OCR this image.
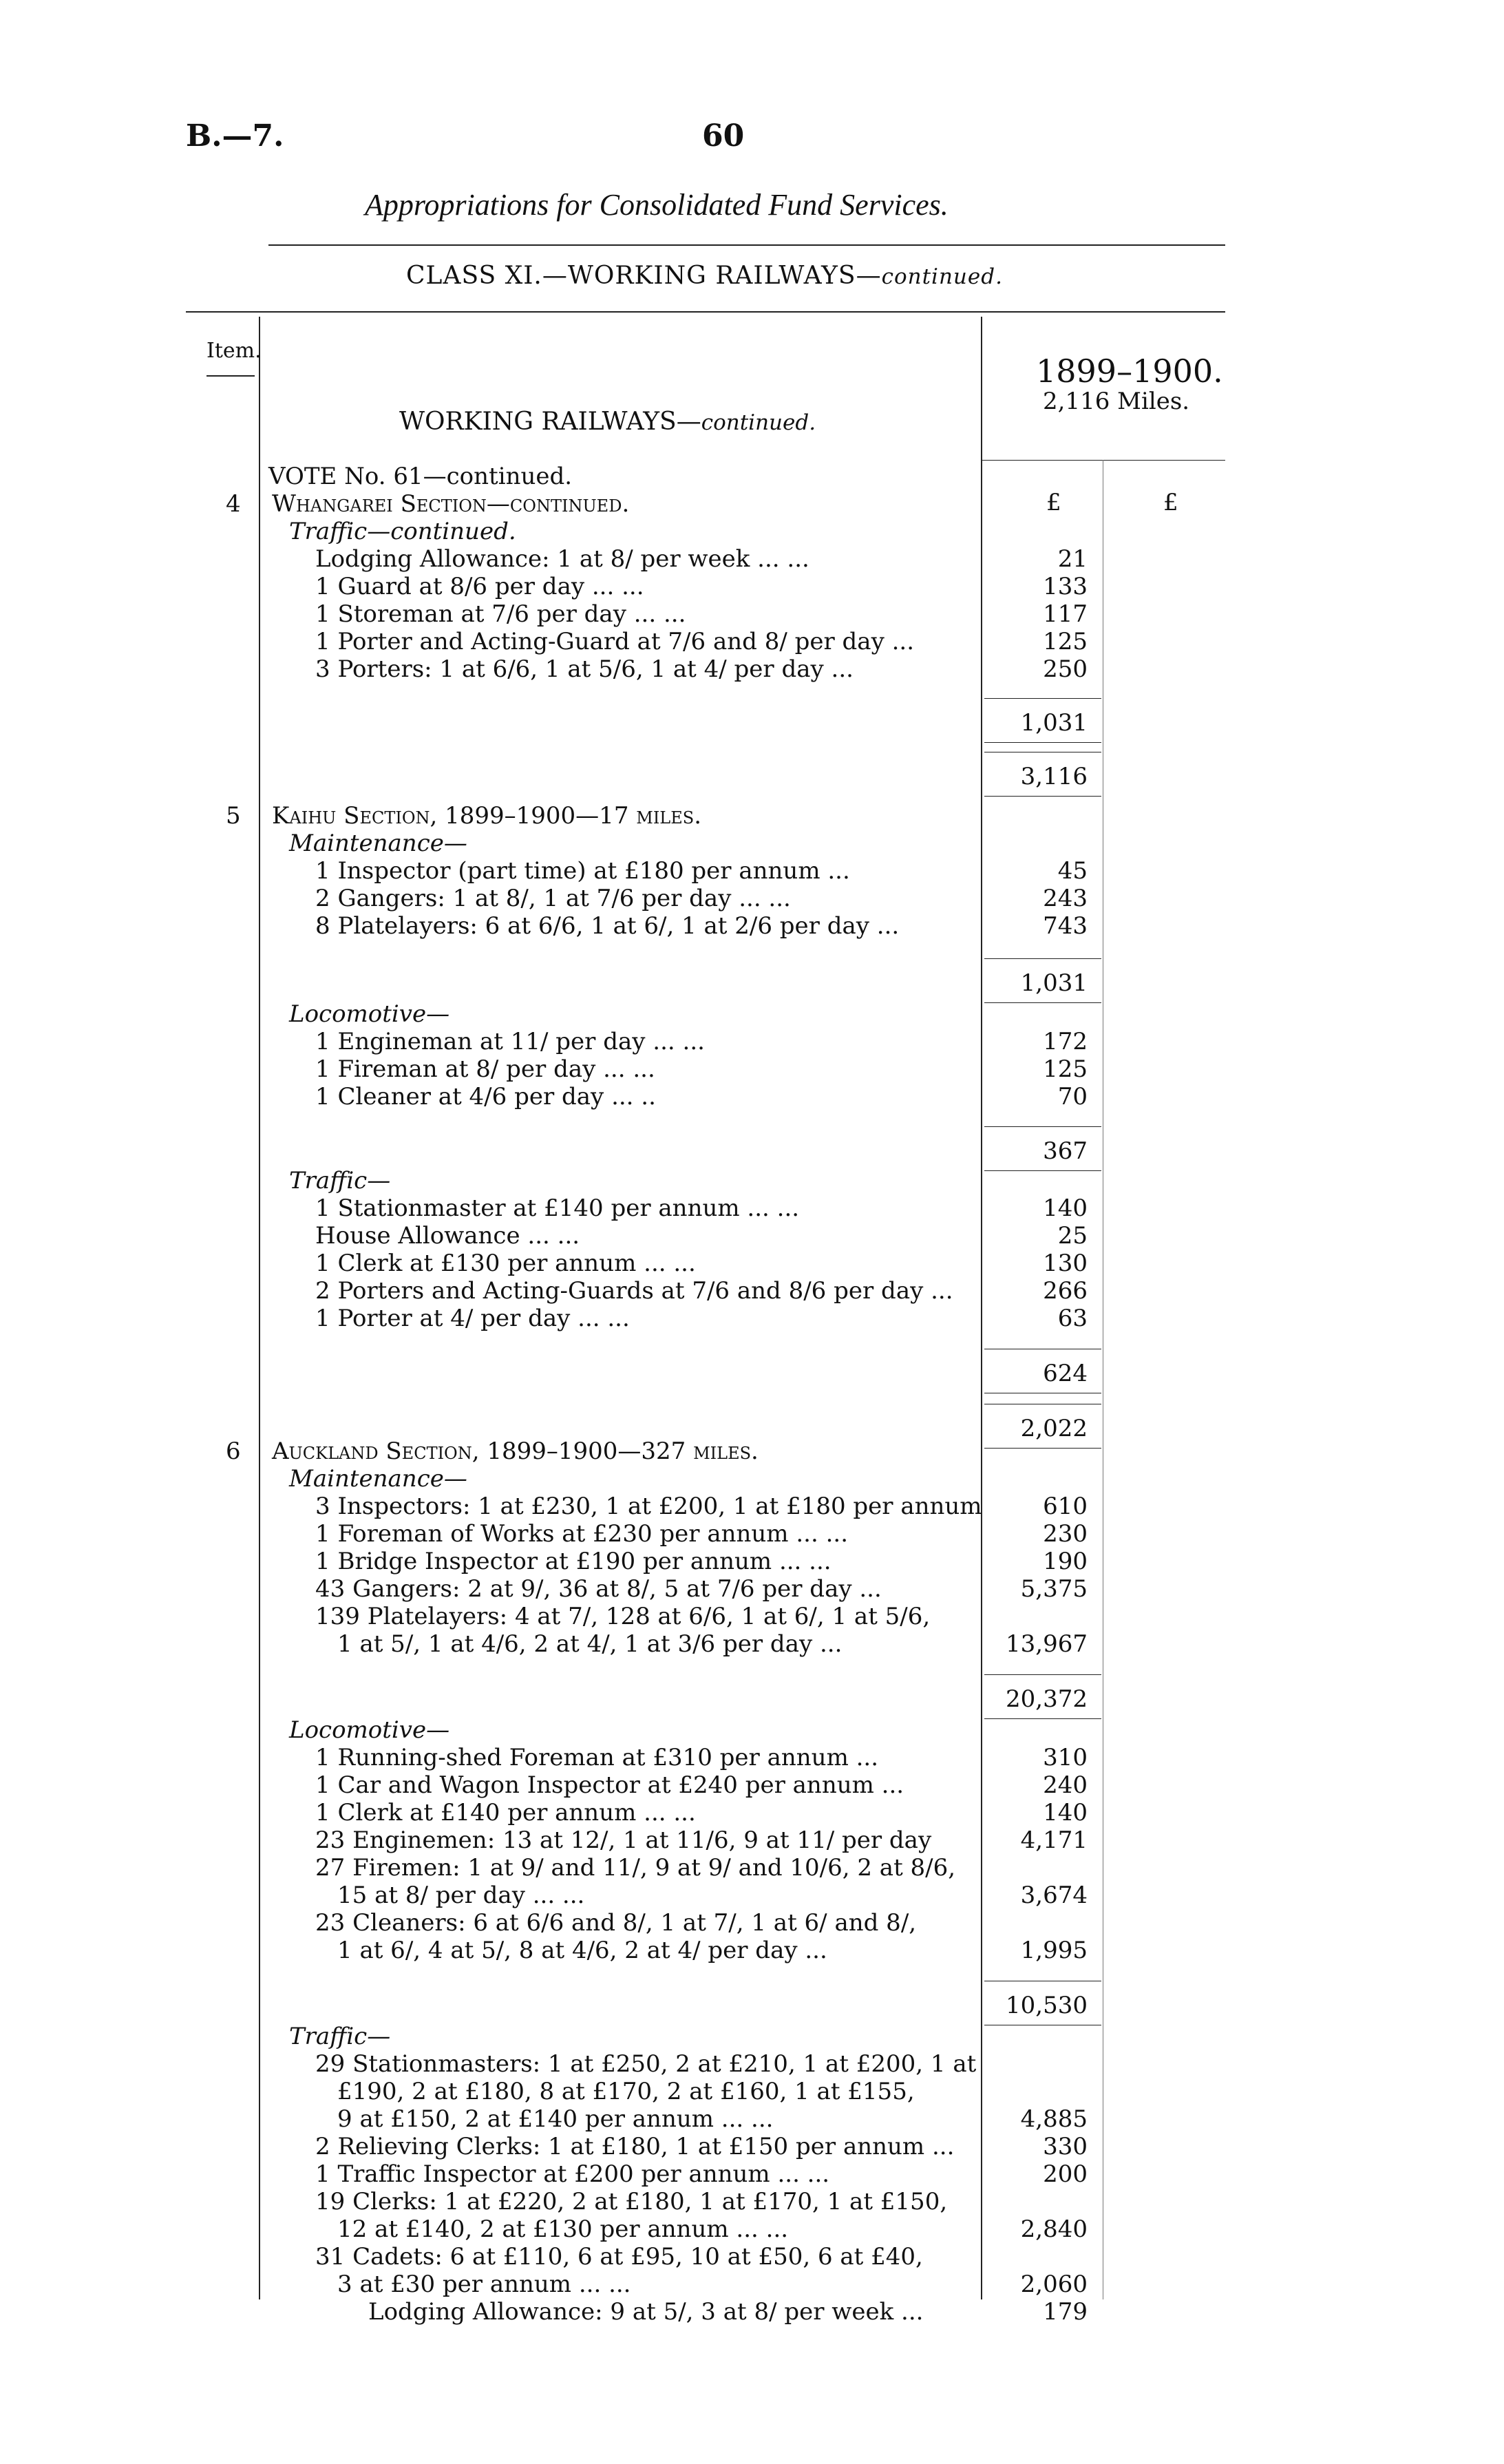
B.—7.	60
Appropriations for Consolidated Fund Services.
CLASS XI.—WORKING RAILWAYS—continued.
Item.
1899–1900.
2,116 Miles.
WORKING RAILWAYS—continued.
£	£
VOTE No. 61—continued.
4 Whangarei Section—continued.
Traffic—continued.
Lodging Allowance: 1 at 8/ per week ... ...	21
1 Guard at 8/6 per day ... ...	133
1 Storeman at 7/6 per day ... ...	117
1 Porter and Acting-Guard at 7/6 and 8/ per day ...	125
3 Porters: 1 at 6/6, 1 at 5/6, 1 at 4/ per day ...	250
1,031
3,116
5 Kaihu Section, 1899–1900—17 miles.
Maintenance—
1 Inspector (part time) at £180 per annum ...	45
2 Gangers: 1 at 8/, 1 at 7/6 per day ... ...	243
8 Platelayers: 6 at 6/6, 1 at 6/, 1 at 2/6 per day ...	743
1,031
Locomotive—
1 Engineman at 11/ per day ... ...	172
1 Fireman at 8/ per day ... ...	125
1 Cleaner at 4/6 per day ... ..	70
367
Traffic—
1 Stationmaster at £140 per annum ... ...	140
House Allowance ... ...	25
1 Clerk at £130 per annum ... ...	130
2 Porters and Acting-Guards at 7/6 and 8/6 per day ...	266
1 Porter at 4/ per day ... ...	63
624
2,022
6 Auckland Section, 1899–1900—327 miles.
Maintenance—
3 Inspectors: 1 at £230, 1 at £200, 1 at £180 per annum	610
1 Foreman of Works at £230 per annum ... ...	230
1 Bridge Inspector at £190 per annum ... ...	190
43 Gangers: 2 at 9/, 36 at 8/, 5 at 7/6 per day ...	5,375
139 Platelayers: 4 at 7/, 128 at 6/6, 1 at 6/, 1 at 5/6,
1 at 5/, 1 at 4/6, 2 at 4/, 1 at 3/6 per day ...	13,967
20,372
Locomotive—
1 Running-shed Foreman at £310 per annum ...	310
1 Car and Wagon Inspector at £240 per annum ...	240
1 Clerk at £140 per annum ... ...	140
23 Enginemen: 13 at 12/, 1 at 11/6, 9 at 11/ per day	4,171
27 Firemen: 1 at 9/ and 11/, 9 at 9/ and 10/6, 2 at 8/6,
15 at 8/ per day ... ...	3,674
23 Cleaners: 6 at 6/6 and 8/, 1 at 7/, 1 at 6/ and 8/,
1 at 6/, 4 at 5/, 8 at 4/6, 2 at 4/ per day ...	1,995
10,530
Traffic—
29 Stationmasters: 1 at £250, 2 at £210, 1 at £200, 1 at
£190, 2 at £180, 8 at £170, 2 at £160, 1 at £155,
9 at £150, 2 at £140 per annum ... ...	4,885
2 Relieving Clerks: 1 at £180, 1 at £150 per annum ...	330
1 Traffic Inspector at £200 per annum ... ...	200
19 Clerks: 1 at £220, 2 at £180, 1 at £170, 1 at £150,
12 at £140, 2 at £130 per annum ... ...	2,840
31 Cadets: 6 at £110, 6 at £95, 10 at £50, 6 at £40,
3 at £30 per annum ... ...	2,060
Lodging Allowance: 9 at 5/, 3 at 8/ per week ...	179
